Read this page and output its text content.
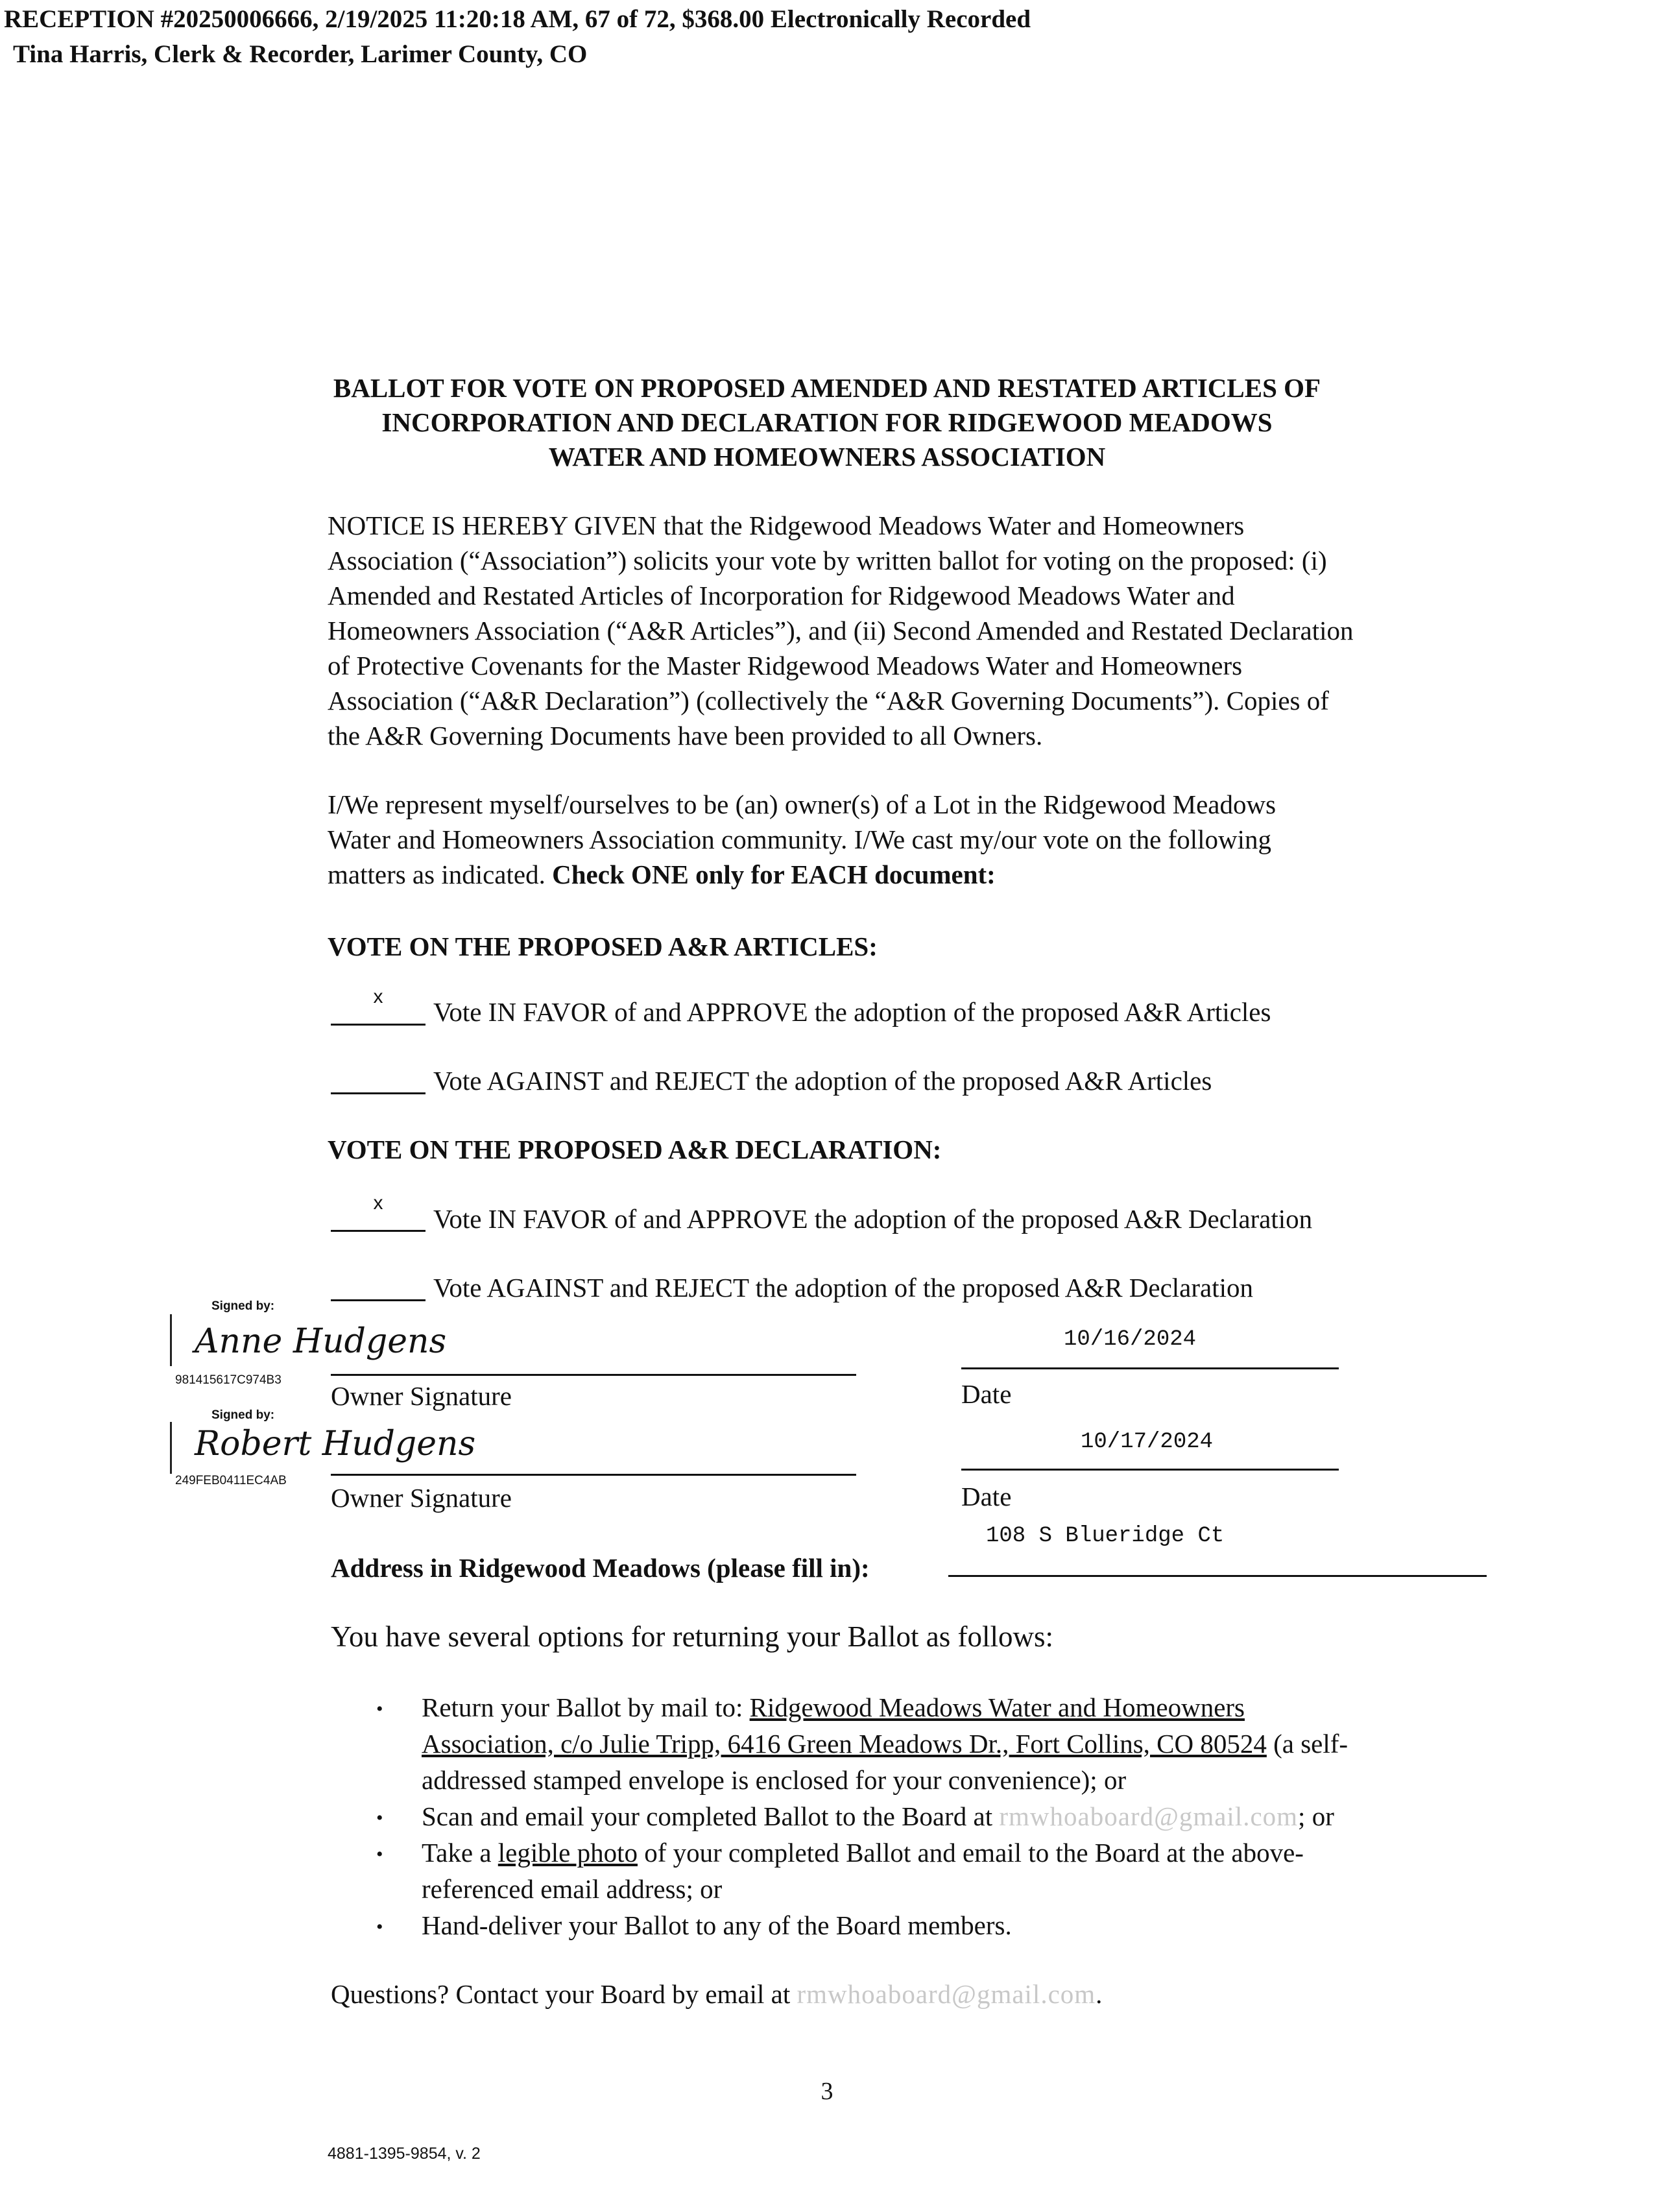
RECEPTION #20250006666, 2/19/2025 11:20:18 AM, 67 of 72, $368.00 Electronically Recorded
Tina Harris, Clerk & Recorder, Larimer County, CO
BALLOT FOR VOTE ON PROPOSED AMENDED AND RESTATED ARTICLES OF
INCORPORATION AND DECLARATION FOR RIDGEWOOD MEADOWS
WATER AND HOMEOWNERS ASSOCIATION
NOTICE IS HEREBY GIVEN that the Ridgewood Meadows Water and Homeowners
Association (“Association”) solicits your vote by written ballot for voting on the proposed: (i)
Amended and Restated Articles of Incorporation for Ridgewood Meadows Water and
Homeowners Association (“A&R Articles”), and (ii) Second Amended and Restated Declaration
of Protective Covenants for the Master Ridgewood Meadows Water and Homeowners
Association (“A&R Declaration”) (collectively the “A&R Governing Documents”). Copies of
the A&R Governing Documents have been provided to all Owners.
I/We represent myself/ourselves to be (an) owner(s) of a Lot in the Ridgewood Meadows
Water and Homeowners Association community. I/We cast my/our vote on the following
matters as indicated. Check ONE only for EACH document:
VOTE ON THE PROPOSED A&R ARTICLES:
x
Vote IN FAVOR of and APPROVE the adoption of the proposed A&R Articles
Vote AGAINST and REJECT the adoption of the proposed A&R Articles
VOTE ON THE PROPOSED A&R DECLARATION:
x
Vote IN FAVOR of and APPROVE the adoption of the proposed A&R Declaration
Vote AGAINST and REJECT the adoption of the proposed A&R Declaration
Signed by:
Anne Hudgens
981415617C974B3
Owner Signature
10/16/2024
Date
Signed by:
Robert Hudgens
249FEB0411EC4AB
Owner Signature
10/17/2024
Date
108 S Blueridge Ct
Address in Ridgewood Meadows (please fill in):
You have several options for returning your Ballot as follows:
• Return your Ballot by mail to: Ridgewood Meadows Water and Homeowners
Association, c/o Julie Tripp, 6416 Green Meadows Dr., Fort Collins, CO 80524 (a self-
addressed stamped envelope is enclosed for your convenience); or
• Scan and email your completed Ballot to the Board at rmwhoaboard@gmail.com; or
• Take a legible photo of your completed Ballot and email to the Board at the above-
referenced email address; or
• Hand-deliver your Ballot to any of the Board members.
Questions? Contact your Board by email at rmwhoaboard@gmail.com.
3
4881-1395-9854, v. 2
